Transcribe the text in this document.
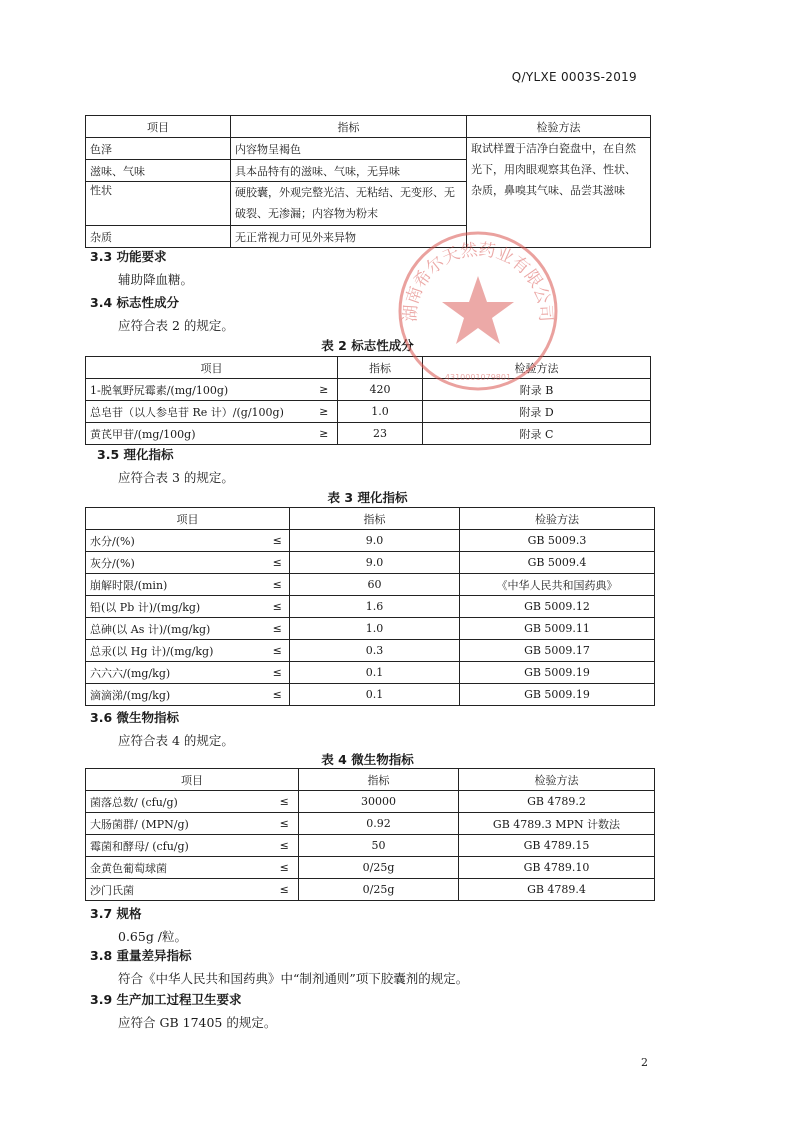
Q/YLXE 0003S-2019
项目	指标	检验方法
色泽	内容物呈褐色	取试样置于洁净白瓷盘中，在自然光下，用肉眼观察其色泽、性状、杂质，鼻嗅其气味、品尝其滋味
滋味、气味	具本品特有的滋味、气味，无异味	
性状	硬胶囊，外观完整光洁、无粘结、无变形、无破裂、无渗漏；内容物为粉末	
杂质	无正常视力可见外来异物	
3.3 功能要求
辅助降血糖。
3.4 标志性成分
应符合表 2 的规定。
表 2 标志性成分
项目		指标	检验方法
1-脱氧野尻霉素/(mg/100g)	≥	420	附录 B
总皂苷（以人参皂苷 Re 计）/(g/100g)	≥	1.0	附录 D
黄芪甲苷/(mg/100g)	≥	23	附录 C
湖南希尔天然药业有限公司
4310001079801
3.5 理化指标
应符合表 3 的规定。
表 3 理化指标
项目		指标	检验方法
水分/(%)	≤	9.0	GB 5009.3
灰分/(%)	≤	9.0	GB 5009.4
崩解时限/(min)	≤	60	《中华人民共和国药典》
铅(以 Pb 计)/(mg/kg)	≤	1.6	GB 5009.12
总砷(以 As 计)/(mg/kg)	≤	1.0	GB 5009.11
总汞(以 Hg 计)/(mg/kg)	≤	0.3	GB 5009.17
六六六/(mg/kg)	≤	0.1	GB 5009.19
滴滴涕/(mg/kg)	≤	0.1	GB 5009.19
3.6 微生物指标
应符合表 4 的规定。
表 4 微生物指标
项目		指标	检验方法
菌落总数/ (cfu/g)	≤	30000	GB 4789.2
大肠菌群/ (MPN/g)	≤	0.92	GB 4789.3 MPN 计数法
霉菌和酵母/ (cfu/g)	≤	50	GB 4789.15
金黄色葡萄球菌	≤	0/25g	GB 4789.10
沙门氏菌	≤	0/25g	GB 4789.4
3.7 规格
0.65g /粒。
3.8 重量差异指标
符合《中华人民共和国药典》中“制剂通则”项下胶囊剂的规定。
3.9 生产加工过程卫生要求
应符合 GB 17405 的规定。
2
